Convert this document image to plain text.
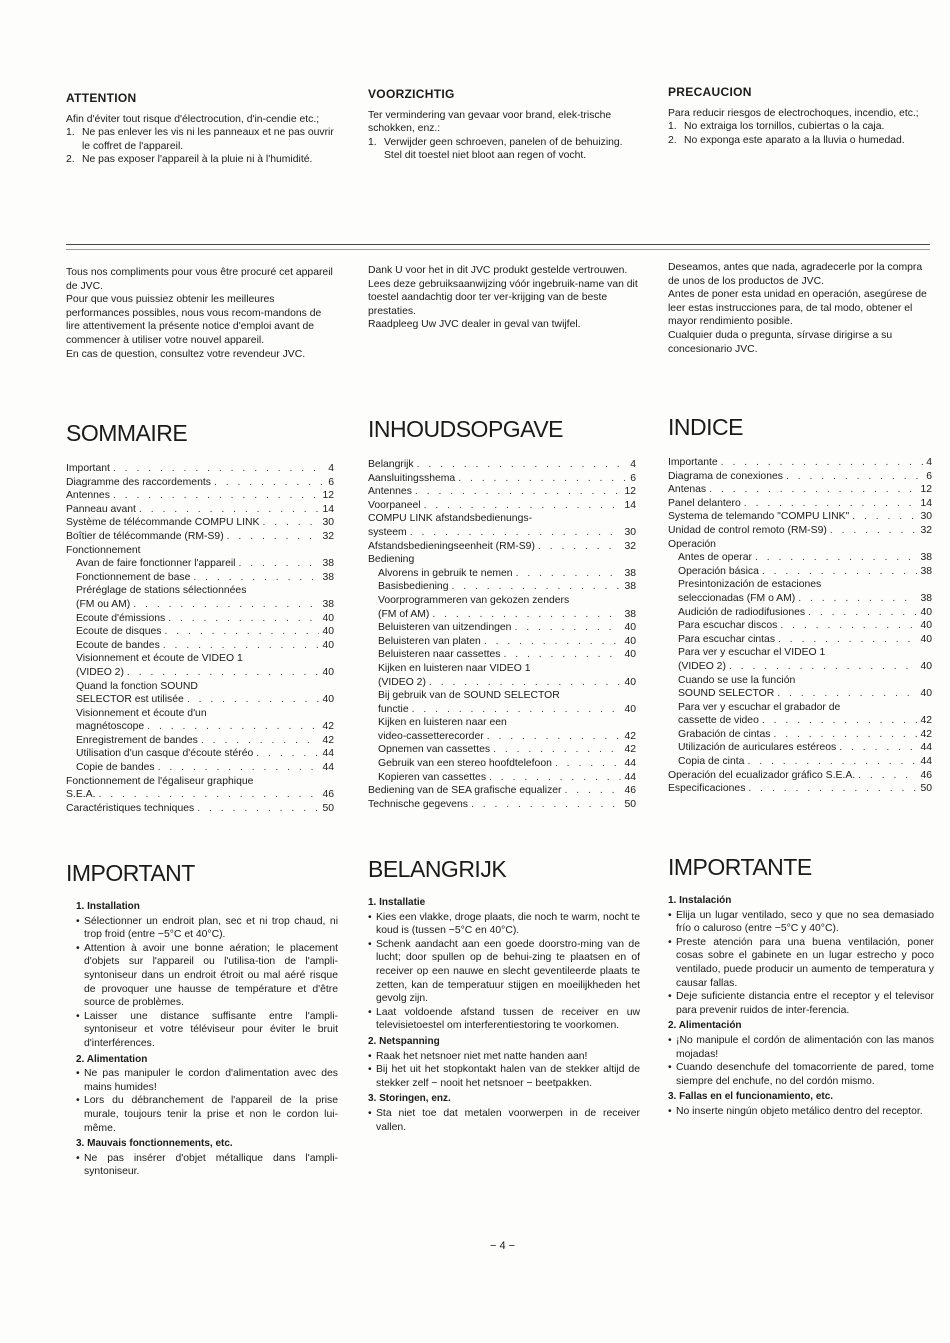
ATTENTION

Afin d'éviter tout risque d'électrocution, d'in-cendie etc.;

1. Ne pas enlever les vis ni les panneaux et ne pas ouvrir le coffret de l'appareil.
2. Ne pas exposer l'appareil à la pluie ni à l'humidité.
VOORZICHTIG

Ter vermindering van gevaar voor brand, elek-trische schokken, enz.:

1. Verwijder geen schroeven, panelen of de behuizing.

Stel dit toestel niet bloot aan regen of vocht.

PRECAUCION

Para reducir riesgos de electrochoques, incendio, etc.;

1. No extraiga los tornillos, cubiertas o la caja.
2. No exponga este aparato a la lluvia o humedad.

Tous nos compliments pour vous être procuré cet appareil de JVC.

Pour que vous puissiez obtenir les meilleures performances possibles, nous vous recom-mandons de lire attentivement la présente notice d'emploi avant de commencer à utiliser votre nouvel appareil.

En cas de question, consultez votre revendeur JVC.

Dank U voor het in dit JVC produkt gestelde vertrouwen.

Lees deze gebruiksaanwijzing vóór ingebruik-name van dit toestel aandachtig door ter ver-krijging van de beste prestaties.

Raadpleeg Uw JVC dealer in geval van twijfel.

Deseamos, antes que nada, agradecerle por la compra de unos de los productos de JVC.

Antes de poner esta unidad en operación, asegúrese de leer estas instrucciones para, de tal modo, obtener el mayor rendimiento posible.

Cualquier duda o pregunta, sírvase dirigirse a su concesionario JVC.

SOMMAIRE
Important . . .	4
Diagramme des raccordements . . .	6
Antennes . . .	12
Panneau avant . . .	14
Système de télécommande COMPU LINK . . .	30
Boîtier de télécommande (RM-S9) . . .	32
Fonctionnement
Avan de faire fonctionner l'appareil . . .	38
Fonctionnement de base . . .	38
Préréglage de stations sélectionnées
(FM ou AM) . . .	38
Ecoute d'émissions . . .	40
Ecoute de disques . . .	40
Ecoute de bandes . . .	40
Visionnement et écoute de VIDEO 1
(VIDEO 2) . . .	40
Quand la fonction SOUND
SELECTOR est utilisée . . .	40
Visionnement et écoute d'un
magnétoscope . . .	42
Enregistrement de bandes . . .	42
Utilisation d'un casque d'écoute stéréo . . .	44
Copie de bandes . . .	44
Fonctionnement de l'égaliseur graphique
S.E.A. . . .	46
Caractéristiques techniques . . .	50
INHOUDSOPGAVE
Belangrijk . . .	4
Aansluitingsshema . . .	6
Antennes . . .	12
Voorpaneel . . .	14
COMPU LINK afstandsbedienungs-
systeem . . .	30
Afstandsbedieningseenheit (RM-S9) . . .	32
Bediening
Alvorens in gebruik te nemen . . .	38
Basisbediening . . .	38
Voorprogrammeren van gekozen zenders
(FM of AM) . . .	38
Beluisteren van uitzendingen . . .	40
Beluisteren van platen . . .	40
Beluisteren naar cassettes . . .	40
Kijken en luisteren naar VIDEO 1
(VIDEO 2) . . .	40
Bij gebruik van de SOUND SELECTOR
functie . . .	40
Kijken en luisteren naar een
video-cassetterecorder . . .	42
Opnemen van cassettes . . .	42
Gebruik van een stereo hoofdtelefoon . . .	44
Kopieren van cassettes . . .	44
Bediening van de SEA grafische equalizer . . .	46
Technische gegevens . . .	50
INDICE
Importante . . .	4
Diagrama de conexiones . . .	6
Antenas . . .	12
Panel delantero . . .	14
Systema de telemando "COMPU LINK" . . .	30
Unidad de control remoto (RM-S9) . . .	32
Operación
Antes de operar . . .	38
Operación básica . . .	38
Presintonización de estaciones
seleccionadas (FM o AM) . . .	38
Audición de radiodifusiones . . .	40
Para escuchar discos . . .	40
Para escuchar cintas . . .	40
Para ver y escuchar el VIDEO 1
(VIDEO 2) . . .	40
Cuando se use la función
SOUND SELECTOR . . .	40
Para ver y escuchar el grabador de
cassette de video . . .	42
Grabación de cintas . . .	42
Utilización de auriculares estéreos . . .	44
Copia de cinta . . .	44
Operación del ecualizador gráfico S.E.A. . . .	46
Especificaciones . . .	50
IMPORTANT
1. Installation
• Sélectionner un endroit plan, sec et ni trop chaud, ni trop froid (entre −5°C et 40°C).
• Attention à avoir une bonne aération; le placement d'objets sur l'appareil ou l'utilisa-tion de l'ampli-syntoniseur dans un endroit étroit ou mal aéré risque de provoquer une hausse de température et d'être source de problèmes.
• Laisser une distance suffisante entre l'ampli-syntoniseur et votre téléviseur pour éviter le bruit d'interférences.
2. Alimentation
• Ne pas manipuler le cordon d'alimentation avec des mains humides!
• Lors du débranchement de l'appareil de la prise murale, toujours tenir la prise et non le cordon lui-même.
3. Mauvais fonctionnements, etc.
• Ne pas insérer d'objet métallique dans l'ampli-syntoniseur.
BELANGRIJK
1. Installatie
• Kies een vlakke, droge plaats, die noch te warm, nocht te koud is (tussen −5°C en 40°C).
• Schenk aandacht aan een goede doorstro-ming van de lucht; door spullen op de behui-zing te plaatsen en of receiver op een nauwe en slecht geventileerde plaats te zetten, kan de temperatuur stijgen en moeilijkheden het gevolg zijn.
• Laat voldoende afstand tussen de receiver en uw televisietoestel om interferentiestoring te voorkomen.
2. Netspanning
• Raak het netsnoer niet met natte handen aan!
• Bij het uit het stopkontakt halen van de stekker altijd de stekker zelf − nooit het netsnoer − beetpakken.
3. Storingen, enz.
• Sta niet toe dat metalen voorwerpen in de receiver vallen.
IMPORTANTE
1. Instalación
• Elija un lugar ventilado, seco y que no sea demasiado frío o caluroso (entre −5°C y 40°C).
• Preste atención para una buena ventilación, poner cosas sobre el gabinete en un lugar estrecho y poco ventilado, puede producir un aumento de temperatura y causar fallas.
• Deje suficiente distancia entre el receptor y el televisor para prevenir ruidos de inter-ferencia.
2. Alimentación
• ¡No manipule el cordón de alimentación con las manos mojadas!
• Cuando desenchufe del tomacorriente de pared, tome siempre del enchufe, no del cordón mismo.
3. Fallas en el funcionamiento, etc.
• No inserte ningún objeto metálico dentro del receptor.
− 4 −
